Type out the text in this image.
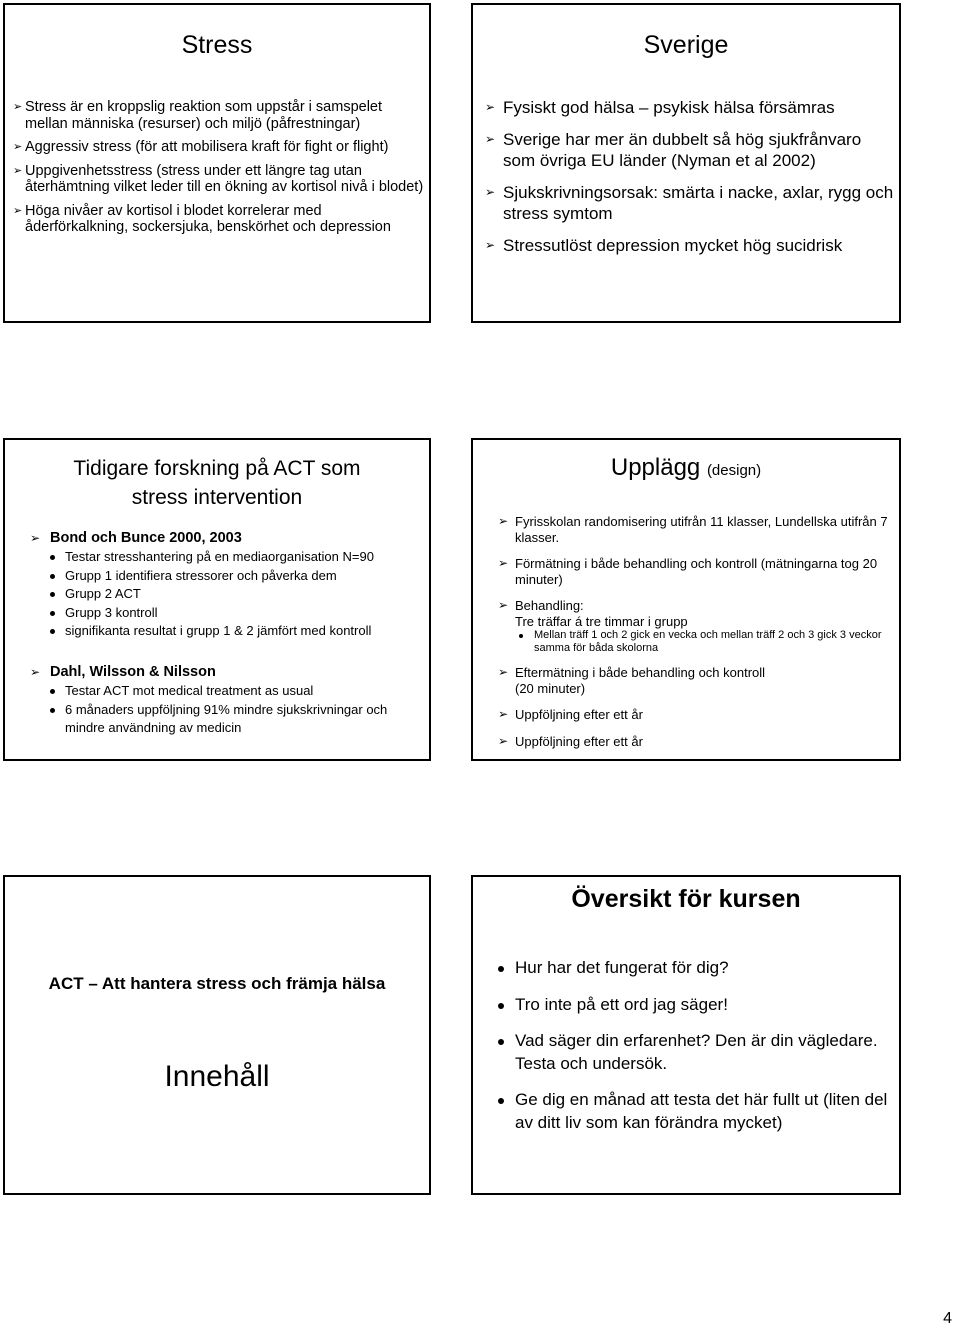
Stress
➢ Stress är en kroppslig reaktion som uppstår i samspelet mellan människa (resurser) och miljö (påfrestningar)
➢ Aggressiv stress (för att mobilisera kraft för fight or flight)
➢ Uppgivenhetsstress (stress under ett längre tag utan återhämtning vilket leder till en ökning av kortisol nivå i blodet)
➢ Höga nivåer av kortisol i blodet korrelerar med åderförkalkning, sockersjuka, benskörhet och depression
Sverige
➢ Fysiskt god hälsa – psykisk hälsa försämras
➢ Sverige har mer än dubbelt så hög sjukfrånvaro som övriga EU länder (Nyman et al 2002)
➢ Sjukskrivningsorsak: smärta i nacke, axlar, rygg och stress symtom
➢ Stressutlöst depression mycket hög sucidrisk
Tidigare forskning på ACT som
stress intervention
➢ Bond och Bunce 2000, 2003
Testar stresshantering på en mediaorganisation N=90
Grupp 1 identifiera stressorer och påverka dem
Grupp 2 ACT
Grupp 3 kontroll
signifikanta resultat i grupp 1 & 2 jämfört med kontroll
➢ Dahl, Wilsson & Nilsson
Testar ACT mot medical treatment as usual
6 månaders uppföljning 91% mindre sjukskrivningar och mindre användning av medicin
Upplägg (design)
➢ Fyrisskolan randomisering utifrån 11 klasser, Lundellska utifrån 7 klasser.
➢ Förmätning i både behandling och kontroll (mätningarna tog 20 minuter)
➢ Behandling:
Tre träffar á tre timmar i grupp
Mellan träff 1 och 2 gick en vecka och mellan träff 2 och 3 gick 3 veckor samma för båda skolorna
➢ Eftermätning i både behandling och kontroll
(20 minuter)
➢ Uppföljning efter ett år
➢ Uppföljning efter ett år
ACT – Att hantera stress och främja hälsa
Innehåll
Översikt för kursen
Hur har det fungerat för dig?
Tro inte på ett ord jag säger!
Vad säger din erfarenhet? Den är din vägledare. Testa och undersök.
Ge dig en månad att testa det här fullt ut (liten del av ditt liv som kan förändra mycket)
4
